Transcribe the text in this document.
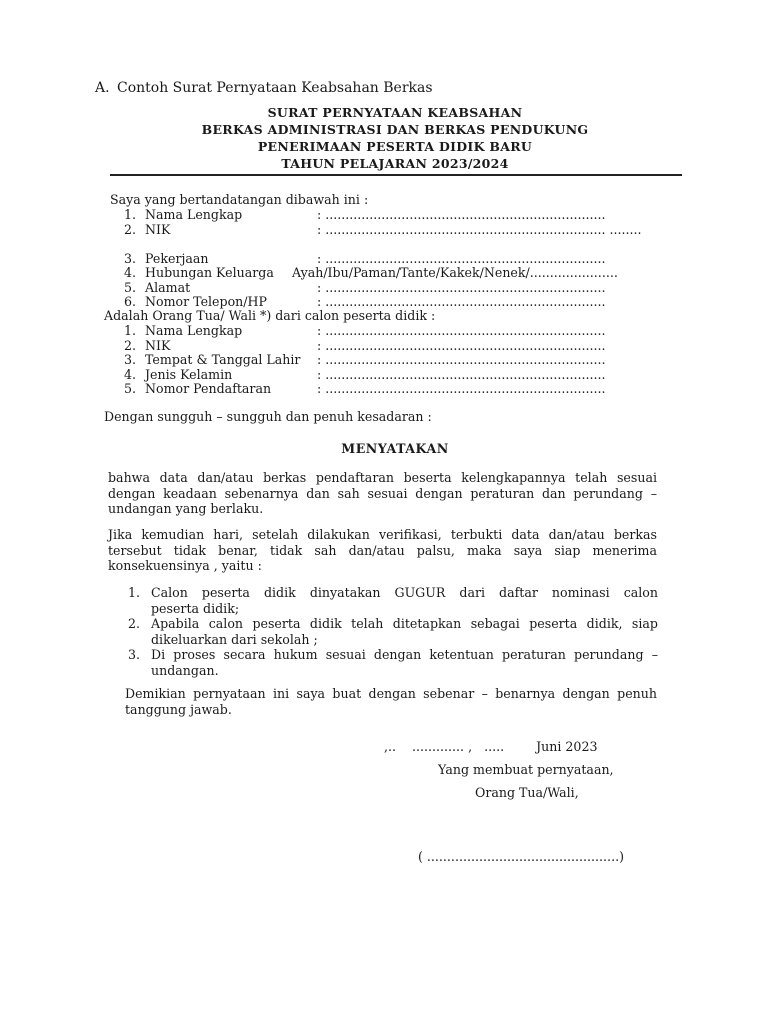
A. Contoh Surat Pernyataan Keabsahan Berkas
SURAT PERNYATAAN KEABSAHAN
BERKAS ADMINISTRASI DAN BERKAS PENDUKUNG
PENERIMAAN PESERTA DIDIK BARU
TAHUN PELAJARAN 2023/2024
Saya yang bertandatangan dibawah ini :
1. Nama Lengkap	: ......................................................................
2. NIK	: ...................................................................... ........
3. Pekerjaan	: ......................................................................
4. Hubungan Keluarga Ayah/Ibu/Paman/Tante/Kakek/Nenek/......................
5. Alamat	: ......................................................................
6. Nomor Telepon/HP	: ......................................................................
Adalah Orang Tua/ Wali *) dari calon peserta didik :
1. Nama Lengkap	: ......................................................................
2. NIK	: ......................................................................
3. Tempat & Tanggal Lahir : ......................................................................
4. Jenis Kelamin	: ......................................................................
5. Nomor Pendaftaran	: ......................................................................
Dengan sungguh – sungguh dan penuh kesadaran :
MENYATAKAN
bahwa data dan/atau berkas pendaftaran beserta kelengkapannya telah sesuai
dengan keadaan sebenarnya dan sah sesuai dengan peraturan dan perundang –
undangan yang berlaku.
Jika kemudian hari, setelah dilakukan verifikasi, terbukti data dan/atau berkas
tersebut tidak benar, tidak sah dan/atau palsu, maka saya siap menerima
konsekuensinya , yaitu :
1. Calon peserta didik dinyatakan GUGUR dari daftar nominasi calon
peserta didik;
2. Apabila calon peserta didik telah ditetapkan sebagai peserta didik, siap
dikeluarkan dari sekolah ;
3. Di proses secara hukum sesuai dengan ketentuan peraturan perundang –
undangan.
Demikian pernyataan ini saya buat dengan sebenar – benarnya dengan penuh
tanggung jawab.
,..    ............. ,   .....        Juni 2023
Yang membuat pernyataan,
Orang Tua/Wali,
( ................................................)
